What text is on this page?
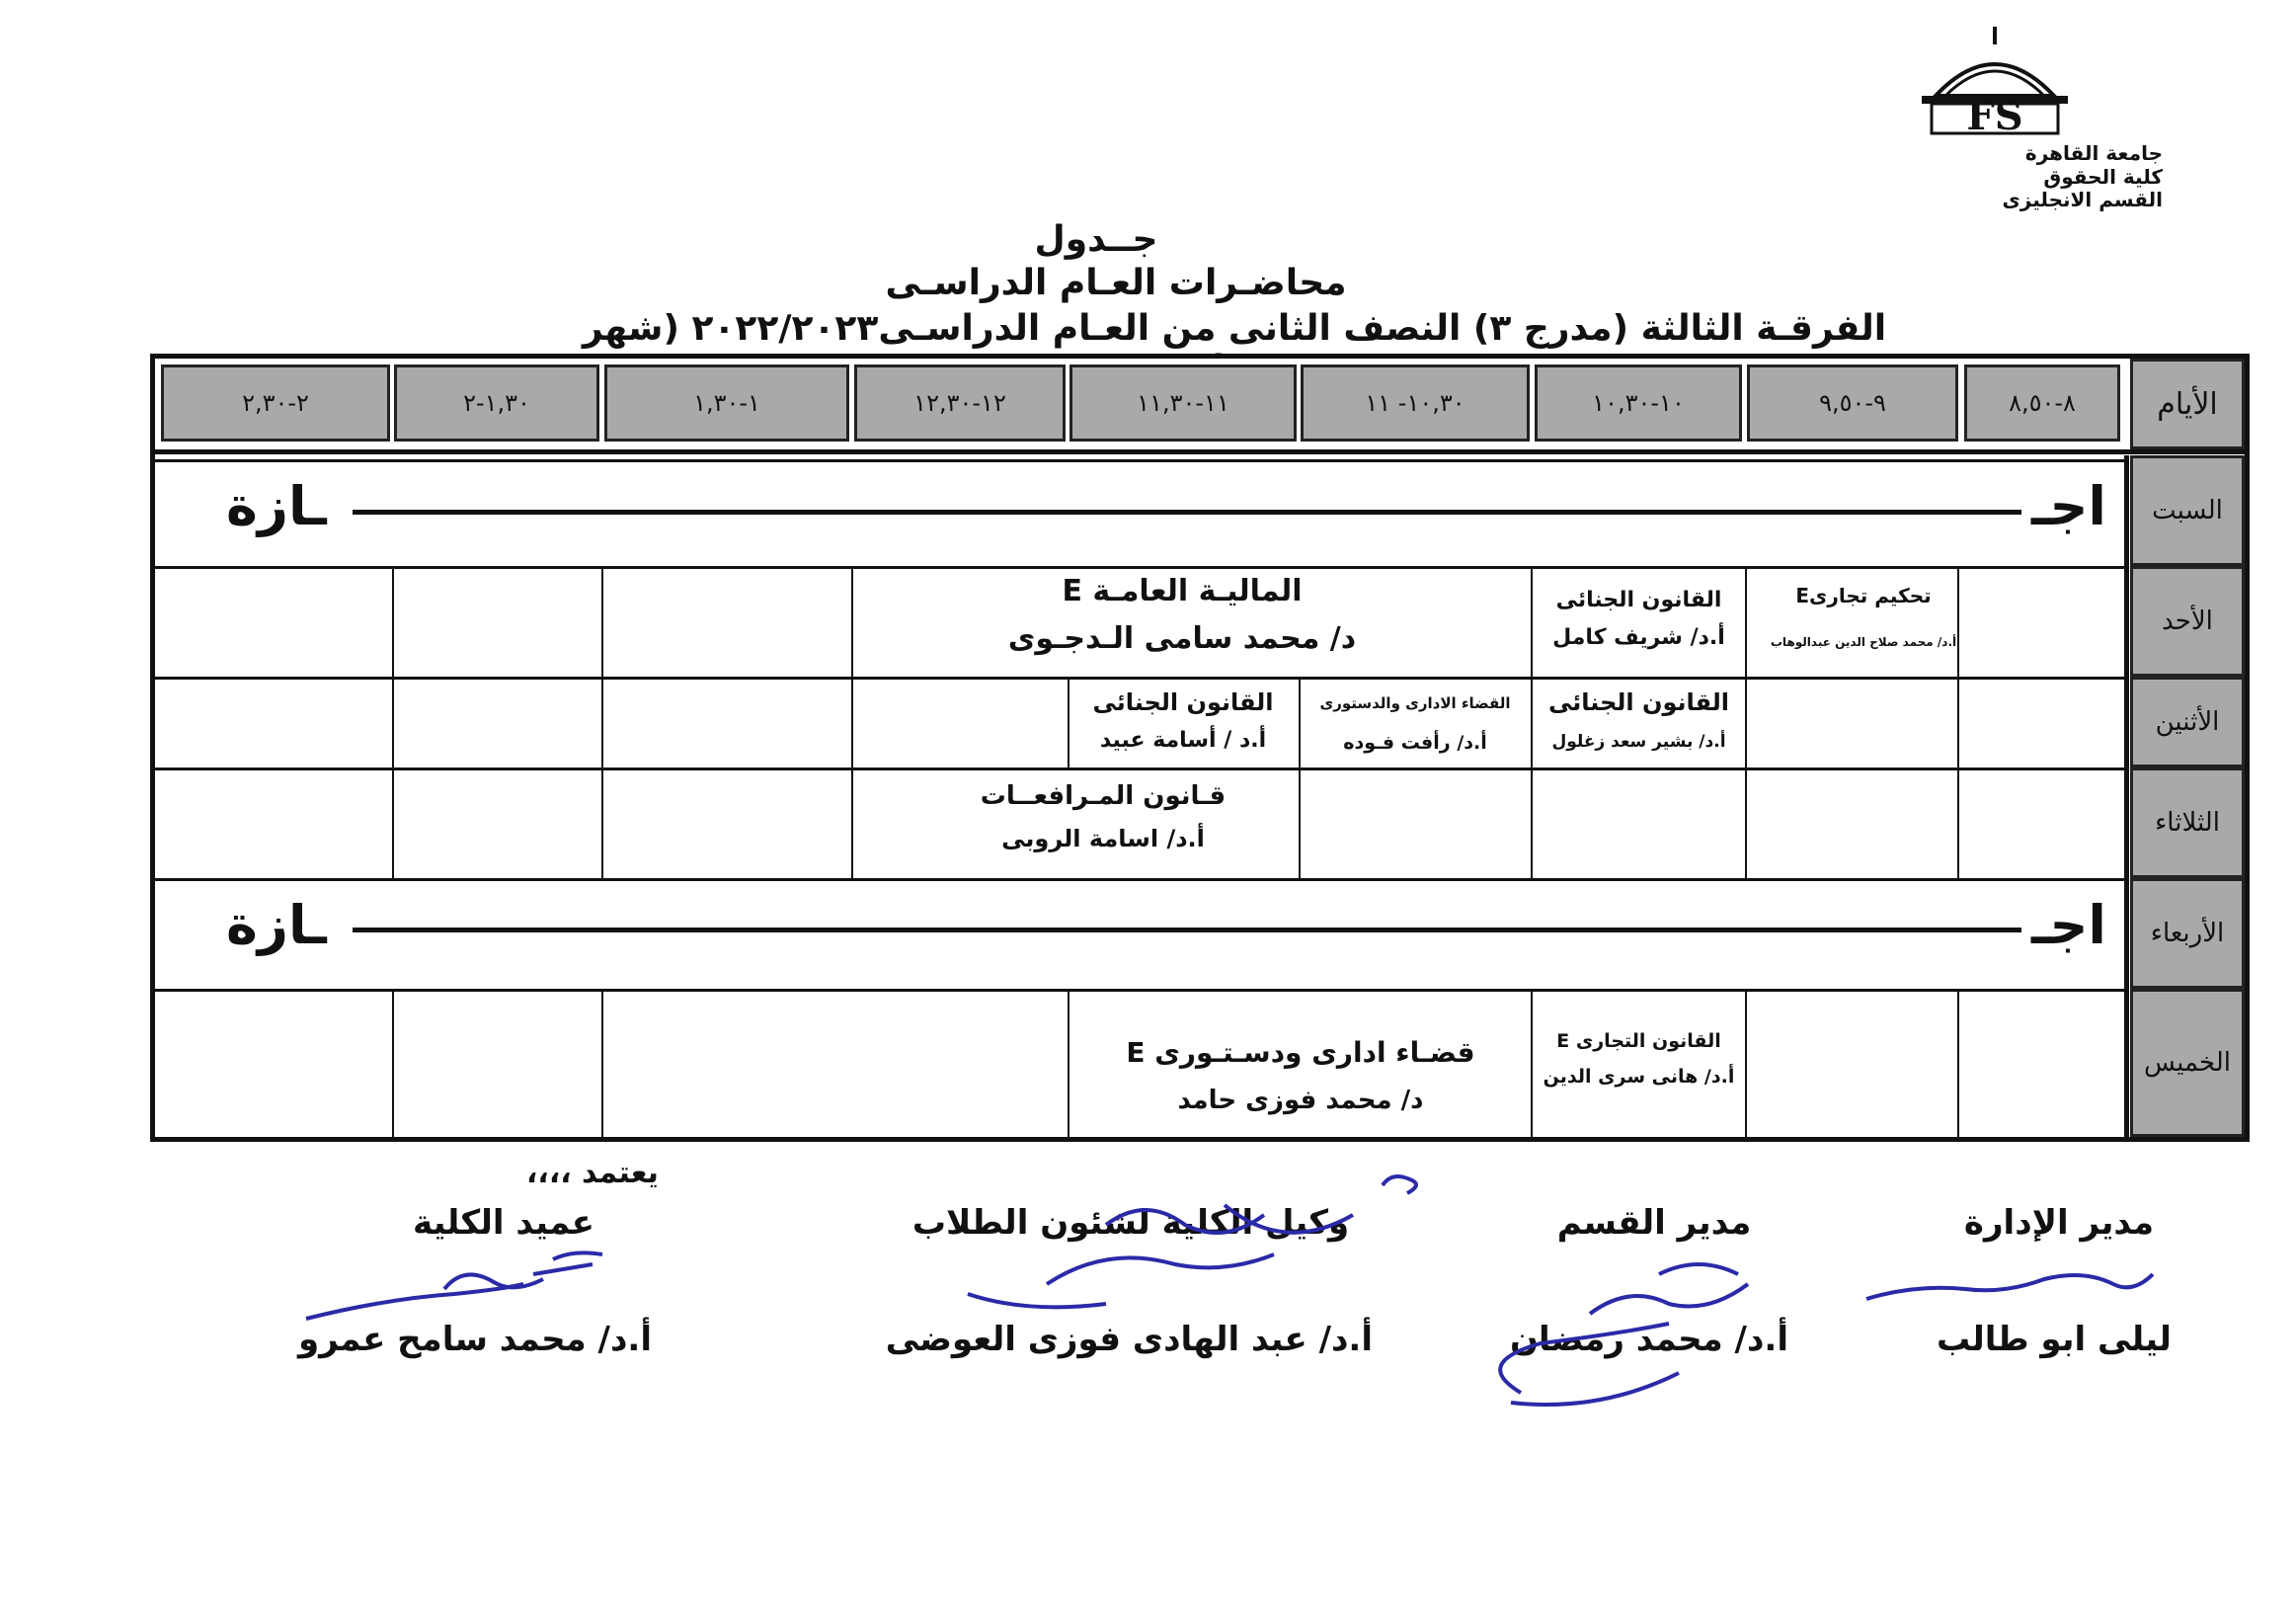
FS
جامعة القاهرة
كلية الحقوق
القسم الانجليزى
جــدول
محاضـرات العـام الدراسـى
الفرقـة الثالثة (مدرج ٣) النصف الثانى من العـام الدراسـى٢٠٢٢/٢٠٢٣ (شهر
الأيام
٨-٨,٥٠
٩-٩,٥٠
١٠-١٠,٣٠
١٠,٣٠- ١١
١١-١١,٣٠
١٢-١٢,٣٠
١-١,٣٠
١,٣٠-٢
٢-٢,٣٠
السبت
الأحد
الأثنين
الثلاثاء
الأربعاء
الخميس
اجـ
ـازة
تحكيم تجارىE
أ.د/ محمد صلاح الدين عبدالوهاب
القانون الجنائى
أ.د/ شريف كامل
الماليـة العامـة E
د/ محمد سامى الـدجـوى
القانون الجنائى
أ.د/ بشير سعد زغلول
القضاء الادارى والدستورى
أ.د/ رأفت فـوده
القانون الجنائى
أ.د / أسامة عبيد
قـانون المـرافعــات
أ.د/ اسامة الروبى
اجـ
ـازة
القانون التجارى E
أ.د/ هانى سرى الدين
قضـاء ادارى ودسـتـورى E
د/ محمد فوزى حامد
يعتمد ،،،،
مدير الإدارة
مدير القسم
وكيل الكلية لشئون الطلاب
عميد الكلية
ليلى ابو طالب
أ.د/ محمد رمضان
أ.د/ عبد الهادى فوزى العوضى
أ.د/ محمد سامح عمرو
